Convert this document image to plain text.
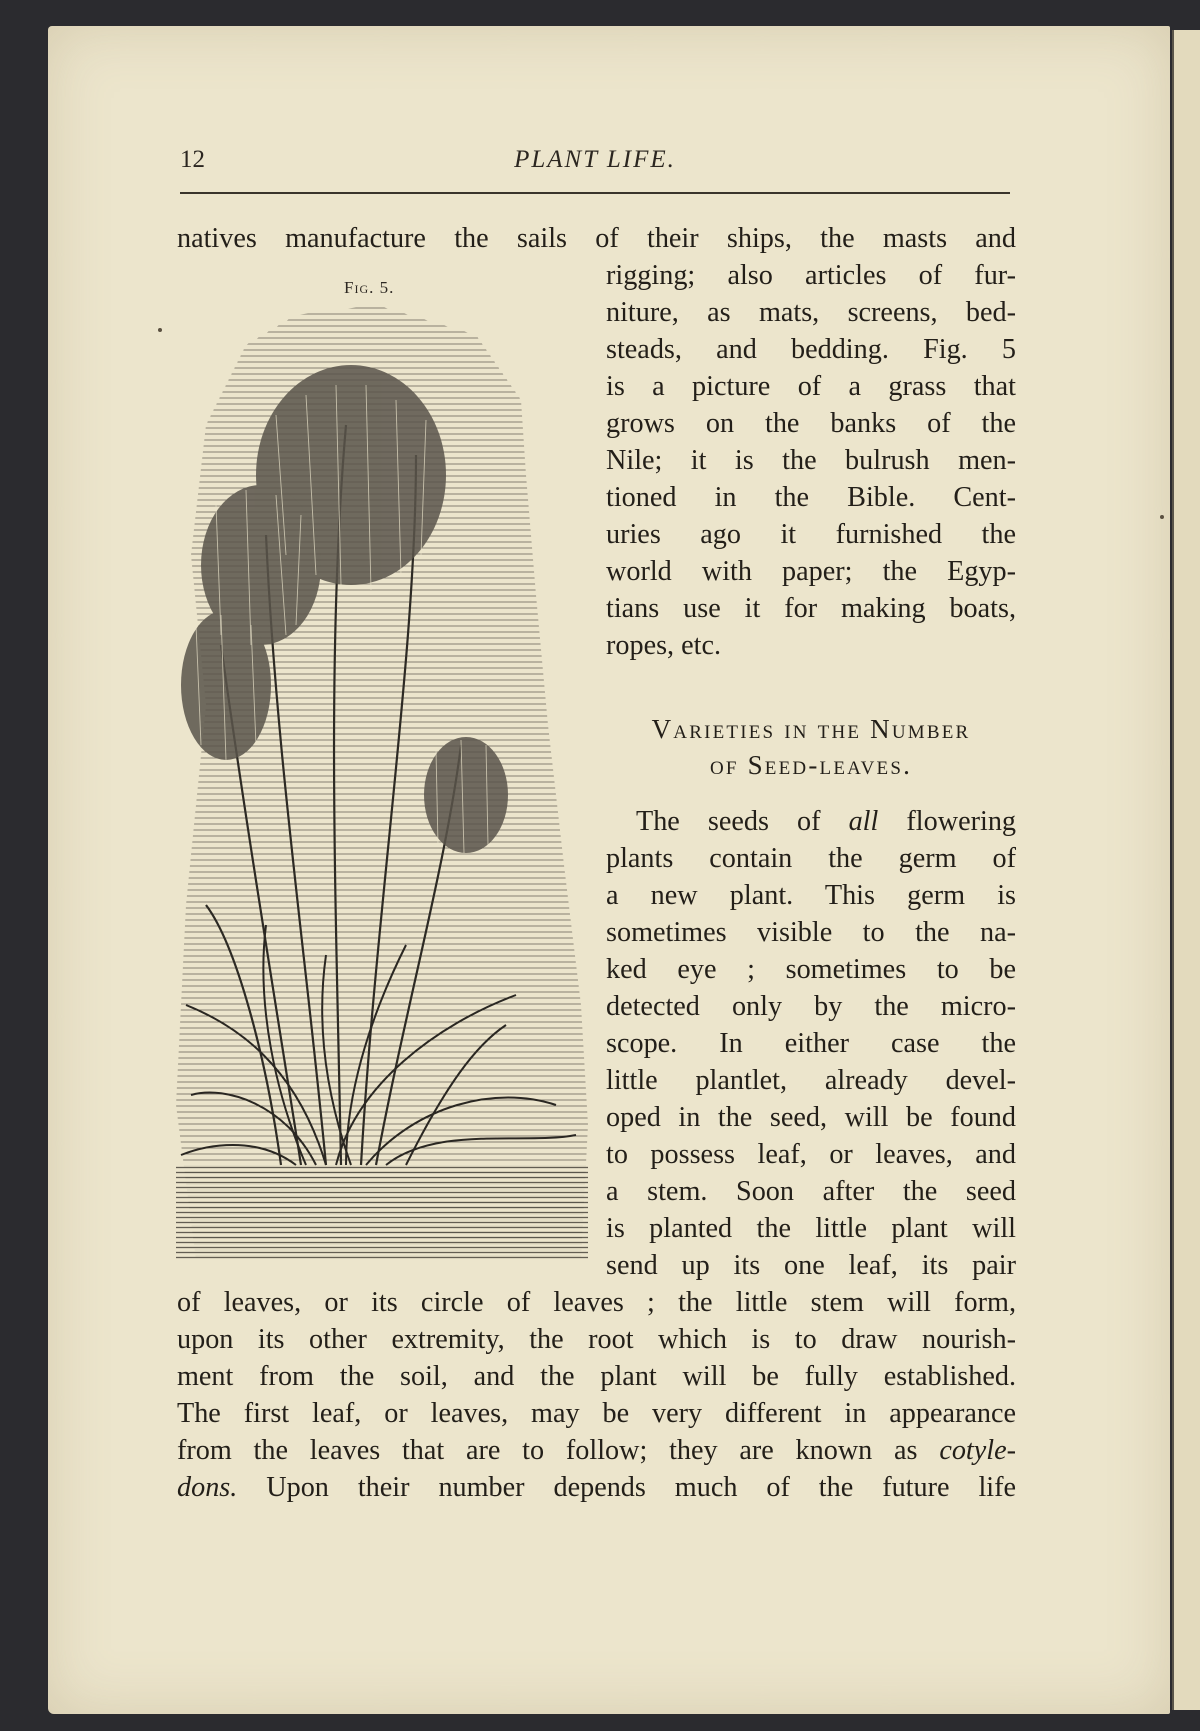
12	PLANT LIFE.
natives manufacture the sails of their ships, the masts and
rigging; also articles of fur-
niture, as mats, screens, bed-
steads, and bedding. Fig. 5
is a picture of a grass that
grows on the banks of the
Nile; it is the bulrush men-
tioned in the Bible. Cent-
uries ago it furnished the
world with paper; the Egyp-
tians use it for making boats,
ropes, etc.
Varieties in the Number
of Seed-leaves.
The seeds of all flowering
plants contain the germ of
a new plant. This germ is
sometimes visible to the na-
ked eye ; sometimes to be
detected only by the micro-
scope. In either case the
little plantlet, already devel-
oped in the seed, will be found
to possess leaf, or leaves, and
a stem. Soon after the seed
is planted the little plant will
send up its one leaf, its pair
of leaves, or its circle of leaves ; the little stem will form,
upon its other extremity, the root which is to draw nourish-
ment from the soil, and the plant will be fully established.
The first leaf, or leaves, may be very different in appearance
from the leaves that are to follow; they are known as cotyle-
dons. Upon their number depends much of the future life
Fig. 5.
